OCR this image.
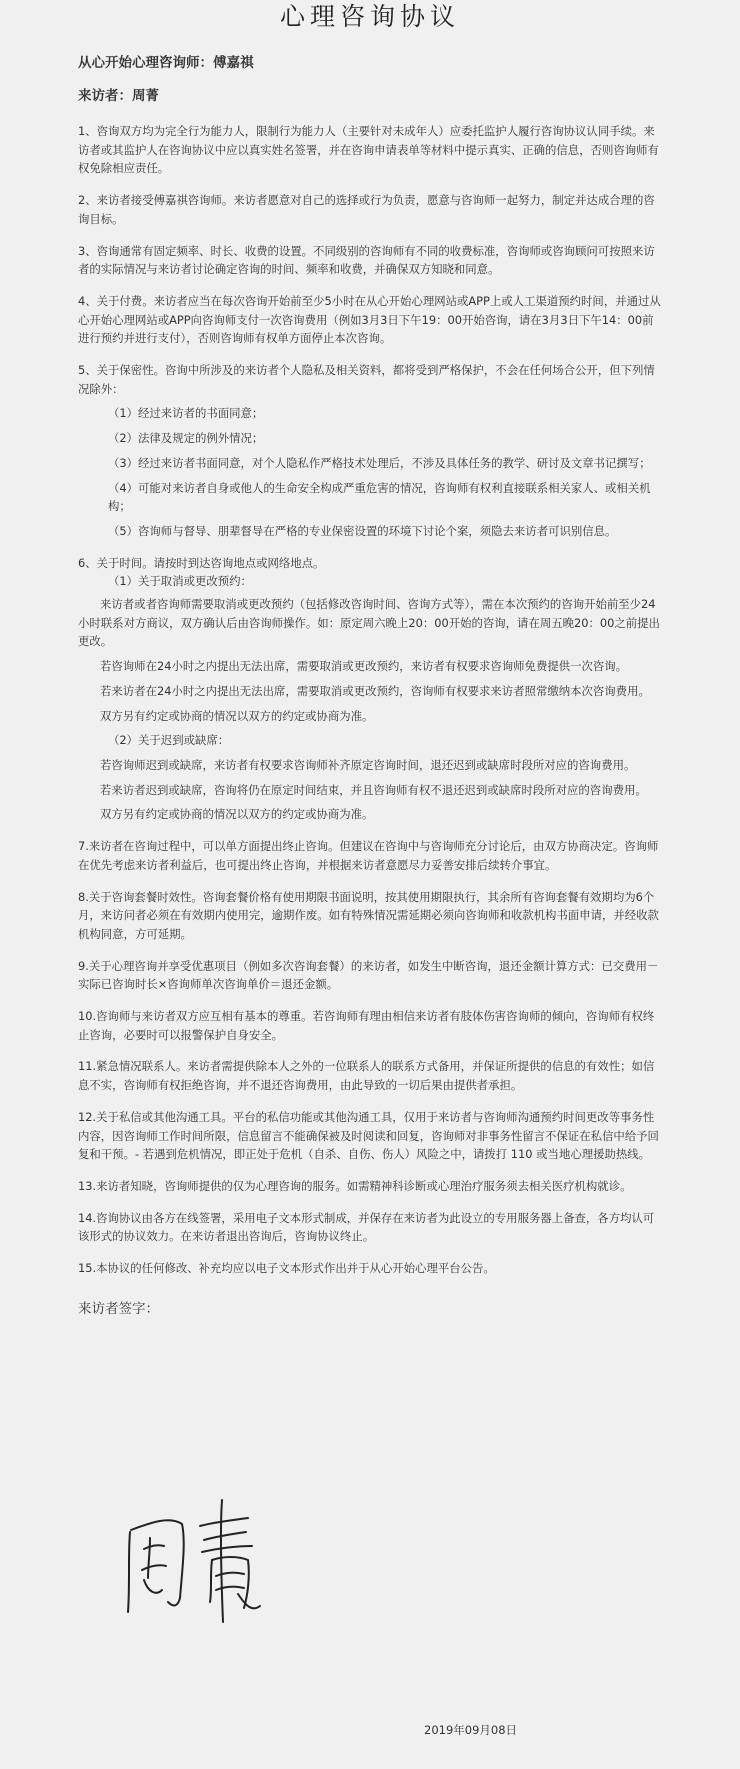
心理咨询协议

从心开始心理咨询师：傅嘉祺

来访者：周菁

1、咨询双方均为完全行为能力人，限制行为能力人（主要针对未成年人）应委托监护人履行咨询协议认同手续。来访者或其监护人在咨询协议中应以真实姓名签署，并在咨询申请表单等材料中提示真实、正确的信息，否则咨询师有权免除相应责任。

2、来访者接受傅嘉祺咨询师。来访者愿意对自己的选择或行为负责，愿意与咨询师一起努力，制定并达成合理的咨询目标。

3、咨询通常有固定频率、时长、收费的设置。不同级别的咨询师有不同的收费标准，咨询师或咨询顾问可按照来访者的实际情况与来访者讨论确定咨询的时间、频率和收费，并确保双方知晓和同意。

4、关于付费。来访者应当在每次咨询开始前至少5小时在从心开始心理网站或APP上或人工渠道预约时间，并通过从心开始心理网站或APP向咨询师支付一次咨询费用（例如3月3日下午19：00开始咨询，请在3月3日下午14：00前进行预约并进行支付），否则咨询师有权单方面停止本次咨询。

5、关于保密性。咨询中所涉及的来访者个人隐私及相关资料，都将受到严格保护，不会在任何场合公开，但下列情况除外：

（1）经过来访者的书面同意；

（2）法律及规定的例外情况；

（3）经过来访者书面同意，对个人隐私作严格技术处理后，不涉及具体任务的教学、研讨及文章书记撰写；

（4）可能对来访者自身或他人的生命安全构成严重危害的情况，咨询师有权利直接联系相关家人、或相关机构；

（5）咨询师与督导、朋辈督导在严格的专业保密设置的环境下讨论个案，须隐去来访者可识别信息。

6、关于时间。请按时到达咨询地点或网络地点。

（1）关于取消或更改预约：

来访者或者咨询师需要取消或更改预约（包括修改咨询时间、咨询方式等），需在本次预约的咨询开始前至少24小时联系对方商议，双方确认后由咨询师操作。如：原定周六晚上20：00开始的咨询，请在周五晚20：00之前提出更改。

若咨询师在24小时之内提出无法出席，需要取消或更改预约，来访者有权要求咨询师免费提供一次咨询。

若来访者在24小时之内提出无法出席，需要取消或更改预约，咨询师有权要求来访者照常缴纳本次咨询费用。

双方另有约定或协商的情况以双方的约定或协商为准。

（2）关于迟到或缺席：

若咨询师迟到或缺席，来访者有权要求咨询师补齐原定咨询时间，退还迟到或缺席时段所对应的咨询费用。

若来访者迟到或缺席，咨询将仍在原定时间结束，并且咨询师有权不退还迟到或缺席时段所对应的咨询费用。

双方另有约定或协商的情况以双方的约定或协商为准。

7.来访者在咨询过程中，可以单方面提出终止咨询。但建议在咨询中与咨询师充分讨论后，由双方协商决定。咨询师在优先考虑来访者利益后，也可提出终止咨询，并根据来访者意愿尽力妥善安排后续转介事宜。

8.关于咨询套餐时效性。咨询套餐价格有使用期限书面说明，按其使用期限执行，其余所有咨询套餐有效期均为6个月，来访问者必须在有效期内使用完，逾期作废。如有特殊情况需延期必须向咨询师和收款机构书面申请，并经收款机构同意，方可延期。

9.关于心理咨询并享受优惠项目（例如多次咨询套餐）的来访者，如发生中断咨询，退还金额计算方式：已交费用－实际已咨询时长×咨询师单次咨询单价＝退还金额。

10.咨询师与来访者双方应互相有基本的尊重。若咨询师有理由相信来访者有肢体伤害咨询师的倾向，咨询师有权终止咨询，必要时可以报警保护自身安全。

11.紧急情况联系人。来访者需提供除本人之外的一位联系人的联系方式备用，并保证所提供的信息的有效性；如信息不实，咨询师有权拒绝咨询，并不退还咨询费用，由此导致的一切后果由提供者承担。

12.关于私信或其他沟通工具。平台的私信功能或其他沟通工具，仅用于来访者与咨询师沟通预约时间更改等事务性内容，因咨询师工作时间所限，信息留言不能确保被及时阅读和回复，咨询师对非事务性留言不保证在私信中给予回复和干预。- 若遇到危机情况，即正处于危机（自杀、自伤、伤人）风险之中，请拨打 110 或当地心理援助热线。

13.来访者知晓，咨询师提供的仅为心理咨询的服务。如需精神科诊断或心理治疗服务须去相关医疗机构就诊。

14.咨询协议由各方在线签署，采用电子文本形式制成，并保存在来访者为此设立的专用服务器上备查，各方均认可该形式的协议效力。在来访者退出咨询后，咨询协议终止。

15.本协议的任何修改、补充均应以电子文本形式作出并于从心开始心理平台公告。

来访者签字：

2019年09月08日
